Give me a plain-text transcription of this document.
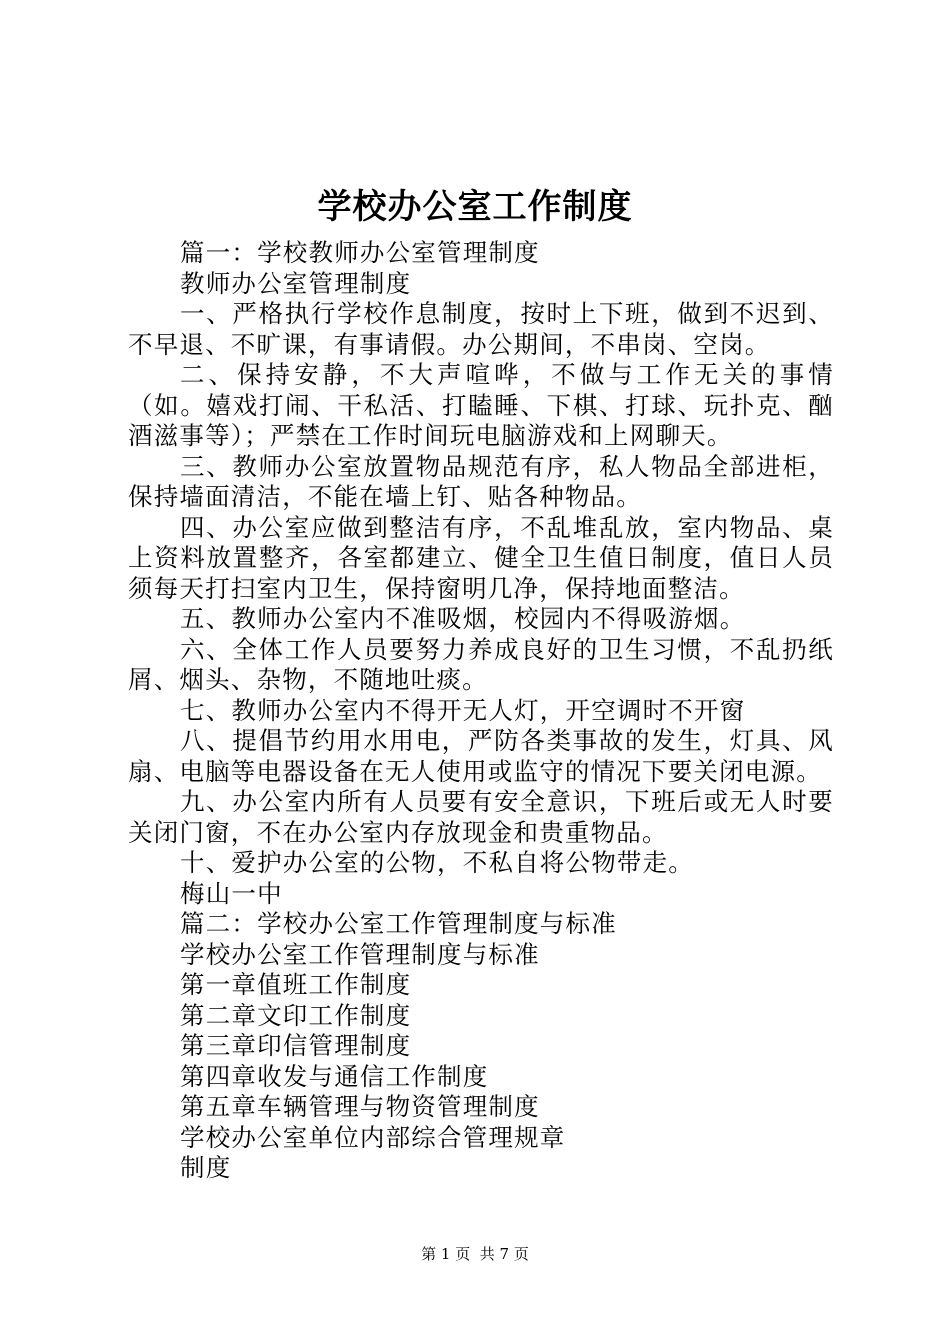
学校办公室工作制度

篇一：学校教师办公室管理制度

教师办公室管理制度

一、严格执行学校作息制度，按时上下班，做到不迟到、不早退、不旷课，有事请假。办公期间，不串岗、空岗。

二、保持安静，不大声喧哗，不做与工作无关的事情（如。嬉戏打闹、干私活、打瞌睡、下棋、打球、玩扑克、酗酒滋事等）；严禁在工作时间玩电脑游戏和上网聊天。

三、教师办公室放置物品规范有序，私人物品全部进柜，保持墙面清洁，不能在墙上钉、贴各种物品。

四、办公室应做到整洁有序，不乱堆乱放，室内物品、桌上资料放置整齐，各室都建立、健全卫生值日制度，值日人员须每天打扫室内卫生，保持窗明几净，保持地面整洁。

五、教师办公室内不准吸烟，校园内不得吸游烟。

六、全体工作人员要努力养成良好的卫生习惯，不乱扔纸屑、烟头、杂物，不随地吐痰。

七、教师办公室内不得开无人灯，开空调时不开窗

八、提倡节约用水用电，严防各类事故的发生，灯具、风扇、电脑等电器设备在无人使用或监守的情况下要关闭电源。

九、办公室内所有人员要有安全意识，下班后或无人时要关闭门窗，不在办公室内存放现金和贵重物品。

十、爱护办公室的公物，不私自将公物带走。

梅山一中

篇二：学校办公室工作管理制度与标准

学校办公室工作管理制度与标准

第一章值班工作制度

第二章文印工作制度

第三章印信管理制度

第四章收发与通信工作制度

第五章车辆管理与物资管理制度

学校办公室单位内部综合管理规章

制度

第 1 页 共 7 页
